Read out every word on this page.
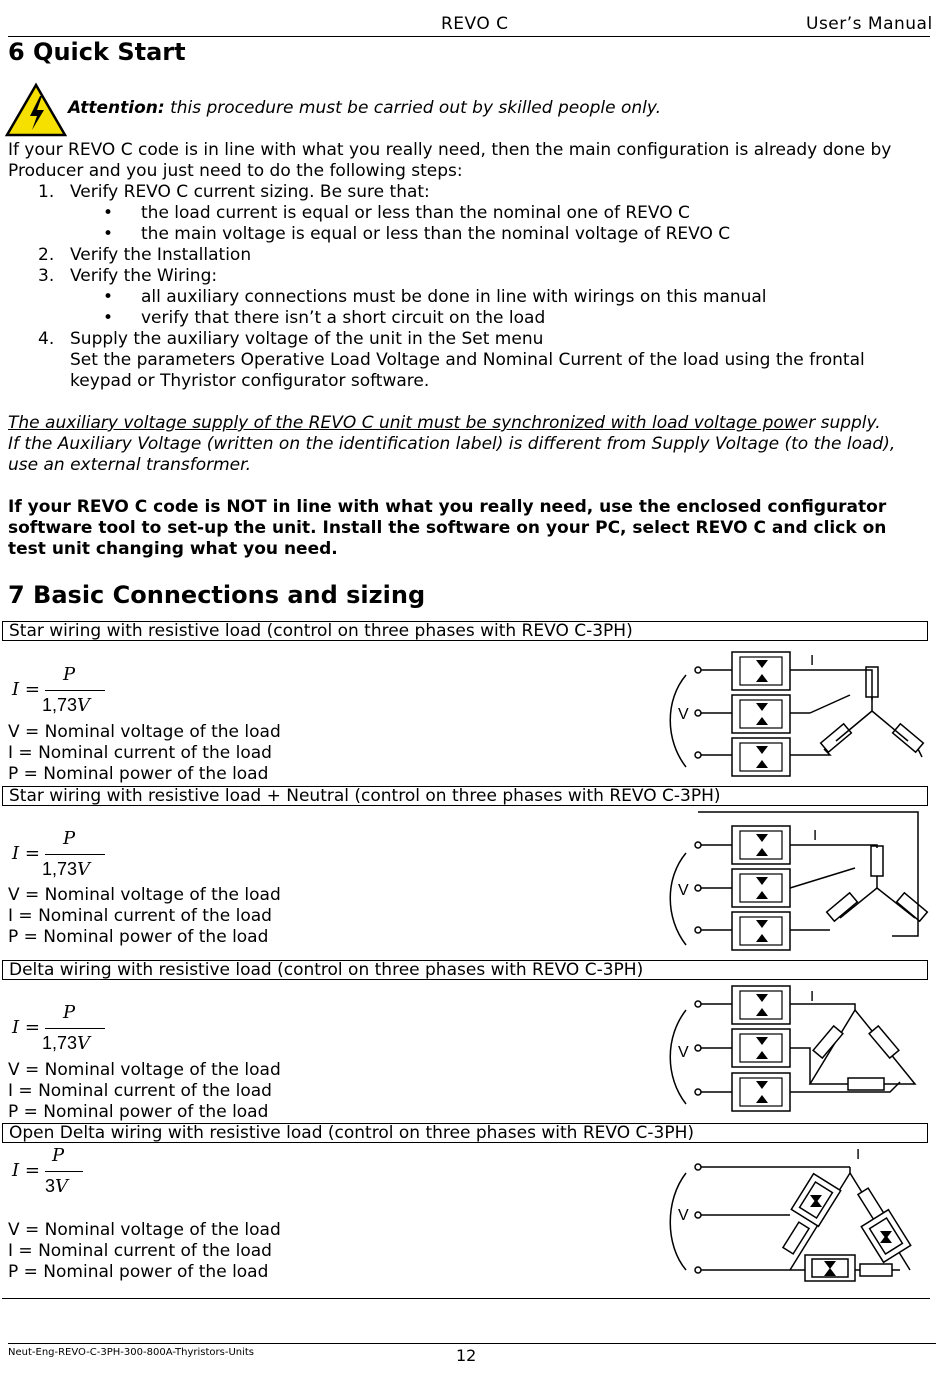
REVO C	User’s Manual
6 Quick Start
Attention: this procedure must be carried out by skilled people only.
If your REVO C code is in line with what you really need, then the main configuration is already done by
Producer and you just need to do the following steps:
1. Verify REVO C current sizing. Be sure that:
• the load current is equal or less than the nominal one of REVO C
• the main voltage is equal or less than the nominal voltage of REVO C
2. Verify the Installation
3. Verify the Wiring:
• all auxiliary connections must be done in line with wirings on this manual
• verify that there isn’t a short circuit on the load
4. Supply the auxiliary voltage of the unit in the Set menu
Set the parameters Operative Load Voltage and Nominal Current of the load using the frontal
keypad or Thyristor configurator software.
The auxiliary voltage supply of the REVO C unit must be synchronized with load voltage power supply.
If the Auxiliary Voltage (written on the identification label) is different from Supply Voltage (to the load),
use an external transformer.
If your REVO C code is NOT in line with what you really need, use the enclosed configurator
software tool to set-up the unit. Install the software on your PC, select REVO C and click on
test unit changing what you need.
7 Basic Connections and sizing
Star wiring with resistive load (control on three phases with REVO C-3PH)
I =
P
1,73V
V = Nominal voltage of the load
I = Nominal current of the load
P = Nominal power of the load
V
I
Star wiring with resistive load + Neutral (control on three phases with REVO C-3PH)
I =
P
1,73V
V = Nominal voltage of the load
I = Nominal current of the load
P = Nominal power of the load
V
I
Delta wiring with resistive load (control on three phases with REVO C-3PH)
I =
P
1,73V
V = Nominal voltage of the load
I = Nominal current of the load
P = Nominal power of the load
V
I
Open Delta wiring with resistive load (control on three phases with REVO C-3PH)
I =
P
3V
V = Nominal voltage of the load
I = Nominal current of the load
P = Nominal power of the load
V
I
Neut-Eng-REVO-C-3PH-300-800A-Thyristors-Units	12
